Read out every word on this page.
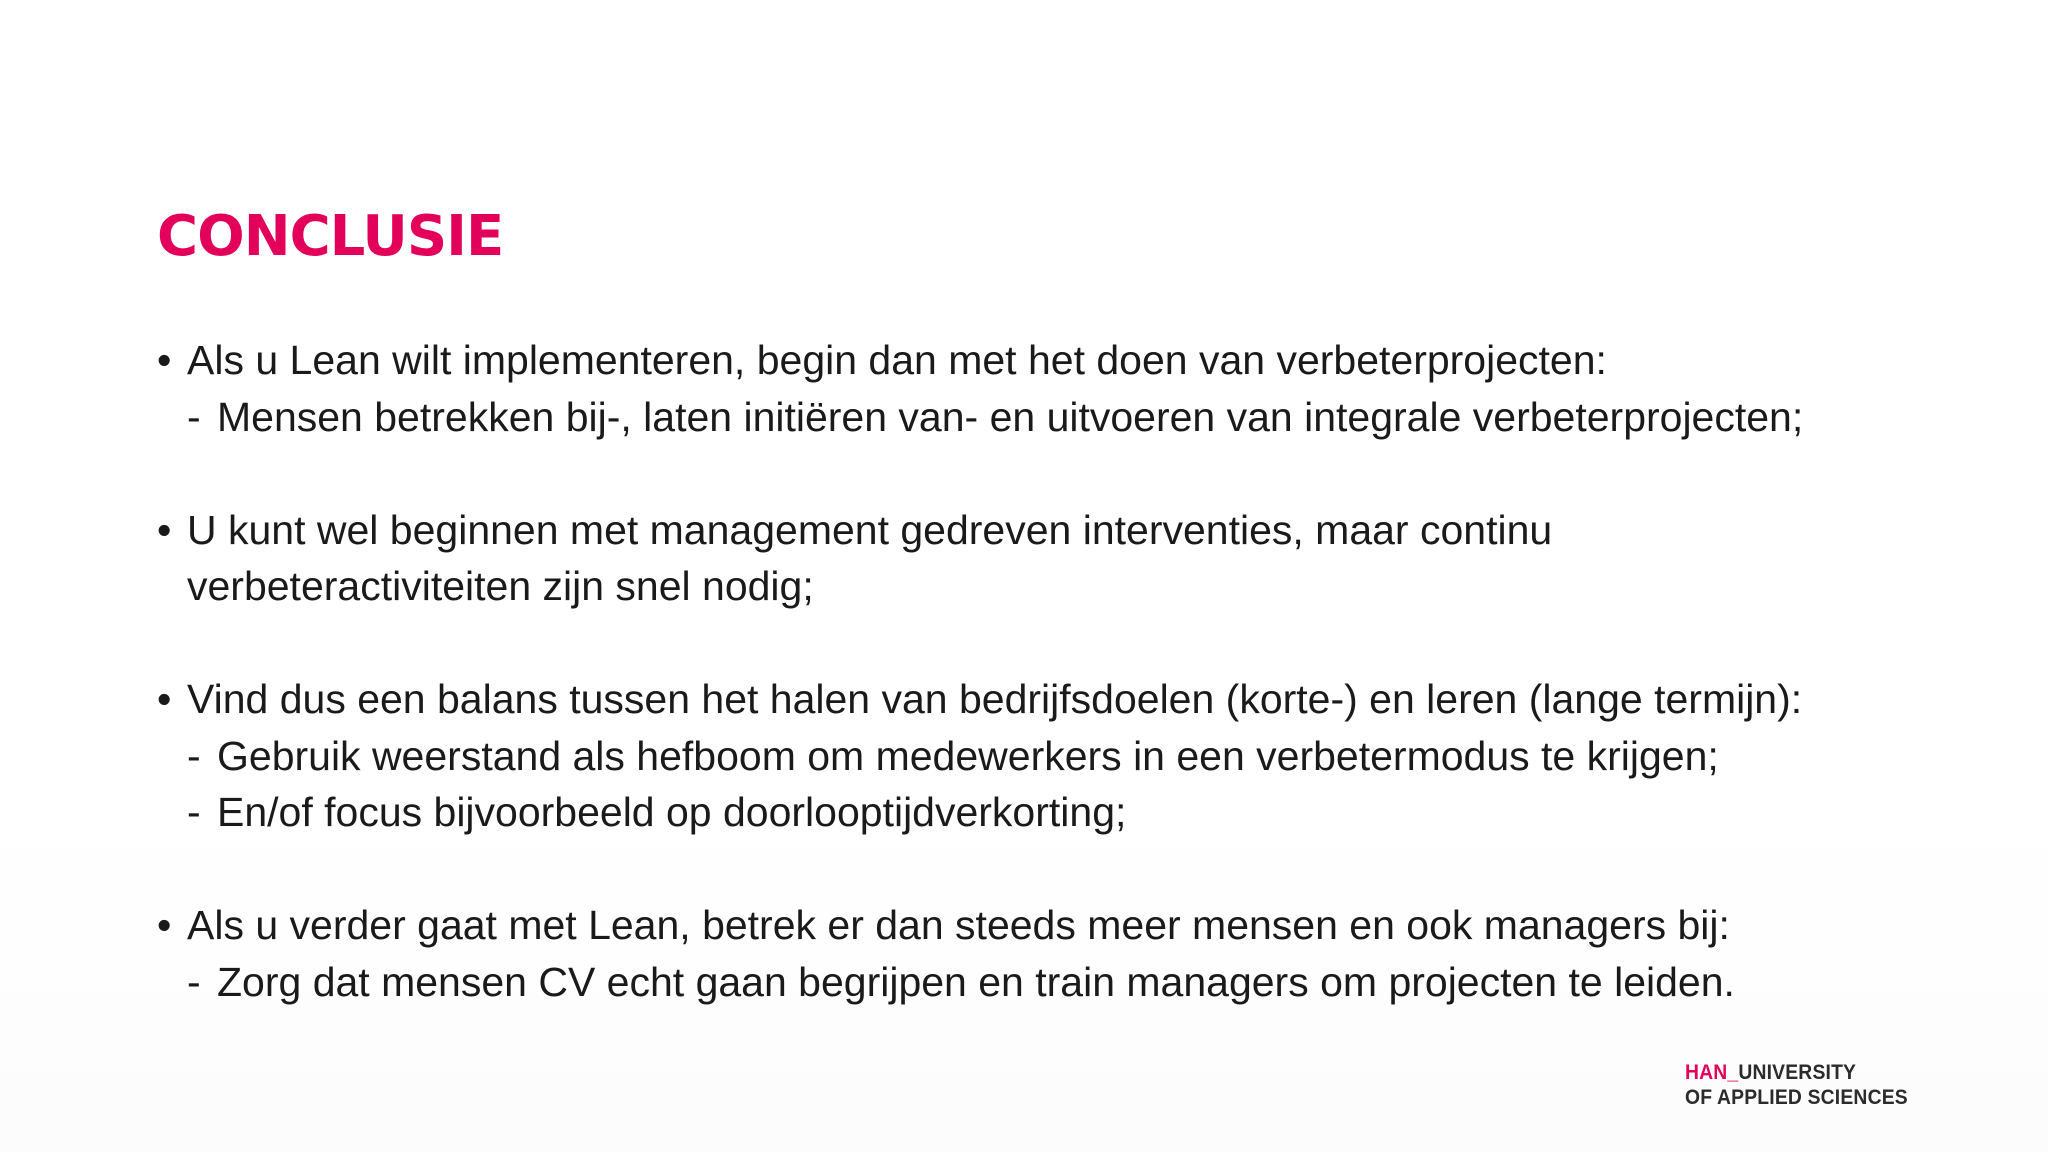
CONCLUSIE
• Als u Lean wilt implementeren, begin dan met het doen van verbeterprojecten:
- Mensen betrekken bij-, laten initiëren van- en uitvoeren van integrale verbeterprojecten;
• U kunt wel beginnen met management gedreven interventies, maar continu
verbeteractiviteiten zijn snel nodig;
• Vind dus een balans tussen het halen van bedrijfsdoelen (korte-) en leren (lange termijn):
- Gebruik weerstand als hefboom om medewerkers in een verbetermodus te krijgen;
- En/of focus bijvoorbeeld op doorlooptijdverkorting;
• Als u verder gaat met Lean, betrek er dan steeds meer mensen en ook managers bij:
- Zorg dat mensen CV echt gaan begrijpen en train managers om projecten te leiden.
HAN_UNIVERSITY
OF APPLIED SCIENCES
